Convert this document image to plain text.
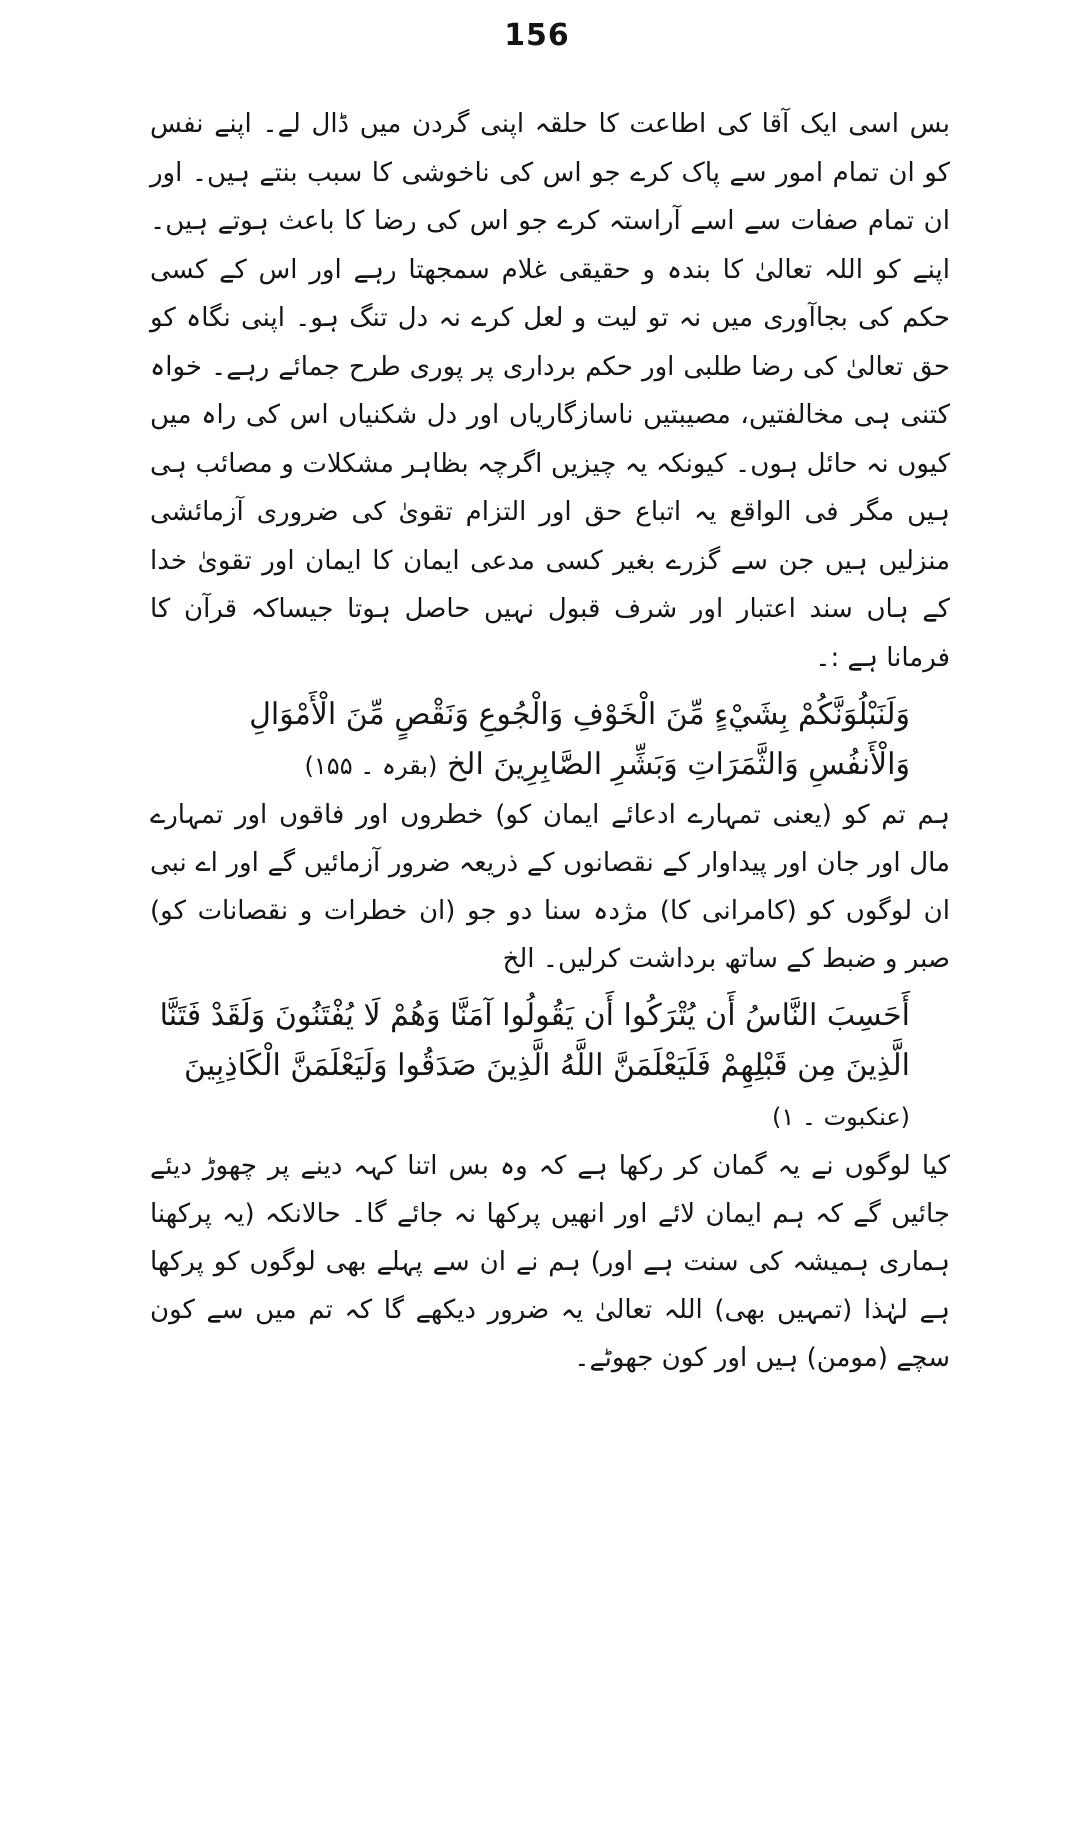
156

بس اسی ایک آقا کی اطاعت کا حلقہ اپنی گردن میں ڈال لے۔ اپنے نفس کو ان تمام امور سے پاک کرے جو اس کی ناخوشی کا سبب بنتے ہیں۔ اور ان تمام صفات سے اسے آراستہ کرے جو اس کی رضا کا باعث ہوتے ہیں۔ اپنے کو اللہ تعالیٰ کا بندہ و حقیقی غلام سمجھتا رہے اور اس کے کسی حکم کی بجاآوری میں نہ تو لیت و لعل کرے نہ دل تنگ ہو۔ اپنی نگاہ کو حق تعالیٰ کی رضا طلبی اور حکم برداری پر پوری طرح جمائے رہے۔ خواہ کتنی ہی مخالفتیں، مصیبتیں ناسازگاریاں اور دل شکنیاں اس کی راہ میں کیوں نہ حائل ہوں۔ کیونکہ یہ چیزیں اگرچہ بظاہر مشکلات و مصائب ہی ہیں مگر فی الواقع یہ اتباع حق اور التزام تقویٰ کی ضروری آزمائشی منزلیں ہیں جن سے گزرے بغیر کسی مدعی ایمان کا ایمان اور تقویٰ خدا کے ہاں سند اعتبار اور شرف قبول نہیں حاصل ہوتا جیساکہ قرآن کا فرمانا ہے :۔

وَلَنَبْلُوَنَّكُمْ بِشَيْءٍ مِّنَ الْخَوْفِ وَالْجُوعِ وَنَقْصٍ مِّنَ الْأَمْوَالِ وَالْأَنفُسِ وَالثَّمَرَاتِ وَبَشِّرِ الصَّابِرِينَ الخ (بقرہ ۔ ۱۵۵)

ہم تم کو (یعنی تمہارے ادعائے ایمان کو) خطروں اور فاقوں اور تمہارے مال اور جان اور پیداوار کے نقصانوں کے ذریعہ ضرور آزمائیں گے اور اے نبی ان لوگوں کو (کامرانی کا) مژدہ سنا دو جو (ان خطرات و نقصانات کو) صبر و ضبط کے ساتھ برداشت کرلیں۔ الخ

أَحَسِبَ النَّاسُ أَن يُتْرَكُوا أَن يَقُولُوا آمَنَّا وَهُمْ لَا يُفْتَنُونَ وَلَقَدْ فَتَنَّا الَّذِينَ مِن قَبْلِهِمْ فَلَيَعْلَمَنَّ اللَّهُ الَّذِينَ صَدَقُوا وَلَيَعْلَمَنَّ الْكَاذِبِينَ (عنکبوت ۔ ۱)

کیا لوگوں نے یہ گمان کر رکھا ہے کہ وہ بس اتنا کہہ دینے پر چھوڑ دیئے جائیں گے کہ ہم ایمان لائے اور انھیں پرکھا نہ جائے گا۔ حالانکہ (یہ پرکھنا ہماری ہمیشہ کی سنت ہے اور) ہم نے ان سے پہلے بھی لوگوں کو پرکھا ہے لہٰذا (تمہیں بھی) اللہ تعالیٰ یہ ضرور دیکھے گا کہ تم میں سے کون سچے (مومن) ہیں اور کون جھوٹے۔
